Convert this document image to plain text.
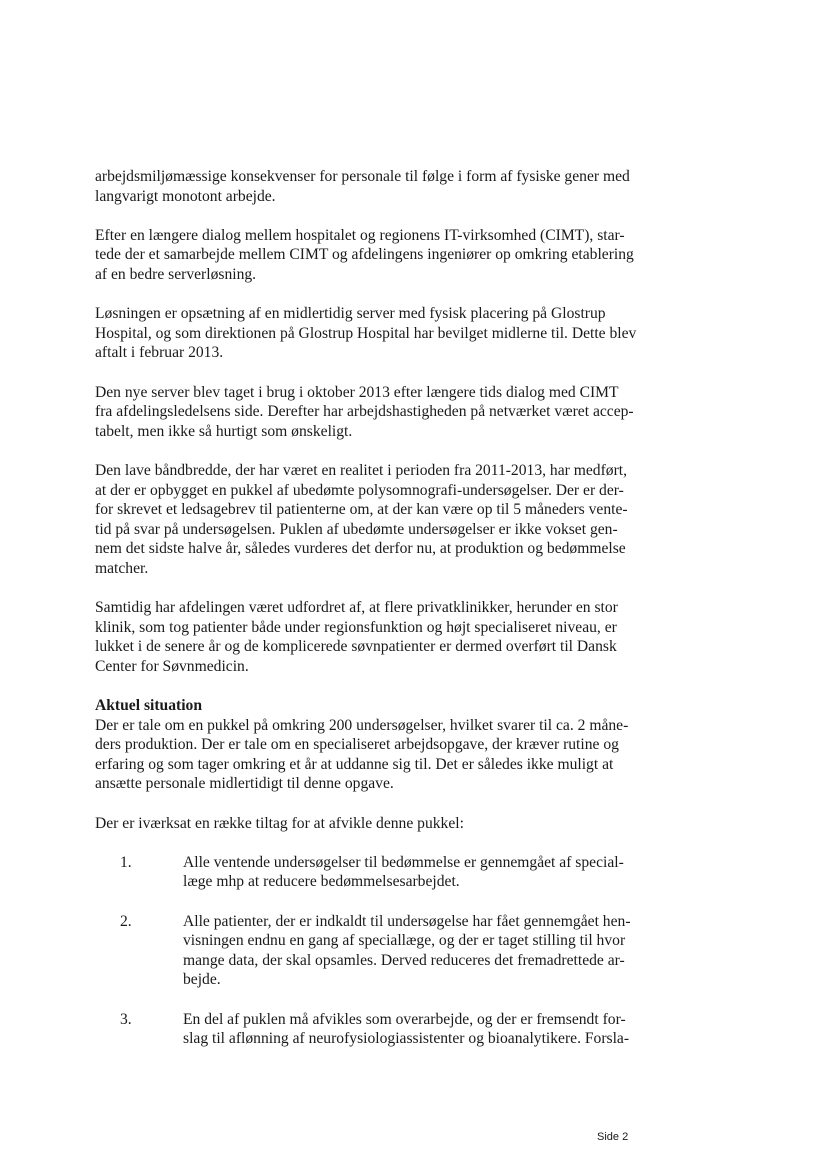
arbejdsmiljømæssige konsekvenser for personale til følge i form af fysiske gener med
langvarigt monotont arbejde.

Efter en længere dialog mellem hospitalet og regionens IT-virksomhed (CIMT), star-
tede der et samarbejde mellem CIMT og afdelingens ingeniører op omkring etablering
af en bedre serverløsning.

Løsningen er opsætning af en midlertidig server med fysisk placering på Glostrup
Hospital, og som direktionen på Glostrup Hospital har bevilget midlerne til. Dette blev
aftalt i februar 2013.

Den nye server blev taget i brug i oktober 2013 efter længere tids dialog med CIMT
fra afdelingsledelsens side. Derefter har arbejdshastigheden på netværket været accep-
tabelt, men ikke så hurtigt som ønskeligt.

Den lave båndbredde, der har været en realitet i perioden fra 2011-2013, har medført,
at der er opbygget en pukkel af ubedømte polysomnografi-undersøgelser. Der er der-
for skrevet et ledsagebrev til patienterne om, at der kan være op til 5 måneders vente-
tid på svar på undersøgelsen. Puklen af ubedømte undersøgelser er ikke vokset gen-
nem det sidste halve år, således vurderes det derfor nu, at produktion og bedømmelse
matcher.

Samtidig har afdelingen været udfordret af, at flere privatklinikker, herunder en stor
klinik, som tog patienter både under regionsfunktion og højt specialiseret niveau, er
lukket i de senere år og de komplicerede søvnpatienter er dermed overført til Dansk
Center for Søvnmedicin.

Aktuel situation
Der er tale om en pukkel på omkring 200 undersøgelser, hvilket svarer til ca. 2 måne-
ders produktion. Der er tale om en specialiseret arbejdsopgave, der kræver rutine og
erfaring og som tager omkring et år at uddanne sig til. Det er således ikke muligt at
ansætte personale midlertidigt til denne opgave.

Der er iværksat en række tiltag for at afvikle denne pukkel:

1.	Alle ventende undersøgelser til bedømmelse er gennemgået af special-
læge mhp at reducere bedømmelsesarbejdet.
2.	Alle patienter, der er indkaldt til undersøgelse har fået gennemgået hen-
visningen endnu en gang af speciallæge, og der er taget stilling til hvor
mange data, der skal opsamles. Derved reduceres det fremadrettede ar-
bejde.
3.	En del af puklen må afvikles som overarbejde, og der er fremsendt for-
slag til aflønning af neurofysiologiassistenter og bioanalytikere. Forsla-
Side 2
